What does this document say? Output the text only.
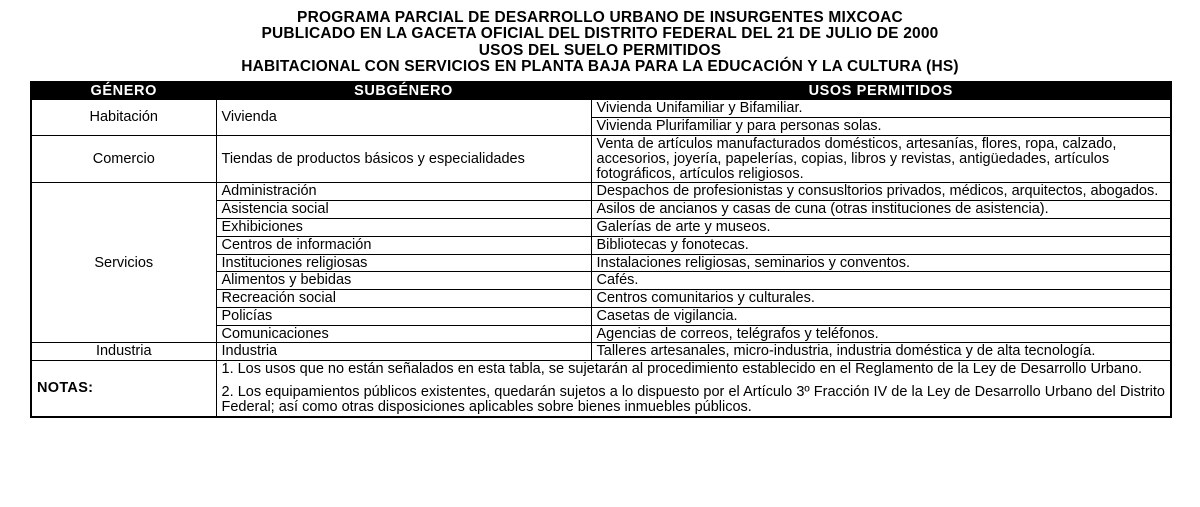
PROGRAMA PARCIAL DE DESARROLLO URBANO DE INSURGENTES MIXCOAC
PUBLICADO EN LA GACETA OFICIAL DEL DISTRITO FEDERAL DEL 21 DE JULIO DE 2000
USOS DEL SUELO PERMITIDOS
HABITACIONAL CON SERVICIOS EN PLANTA BAJA PARA LA EDUCACIÓN Y LA CULTURA (HS)
GÉNERO	SUBGÉNERO	USOS PERMITIDOS
Habitación	Vivienda	Vivienda Unifamiliar y Bifamiliar.
		Vivienda Plurifamiliar y para personas solas.
Comercio	Tiendas de productos básicos y especialidades	Venta de artículos manufacturados domésticos, artesanías, flores, ropa, calzado, accesorios, joyería, papelerías, copias, libros y revistas, antigüedades, artículos fotográficos, artículos religiosos.
Servicios	Administración	Despachos de profesionistas y consusltorios privados, médicos, arquitectos, abogados.
	Asistencia social	Asilos de ancianos y casas de cuna (otras instituciones de asistencia).
	Exhibiciones	Galerías de arte y museos.
	Centros de información	Bibliotecas y fonotecas.
	Instituciones religiosas	Instalaciones religiosas, seminarios y conventos.
	Alimentos y bebidas	Cafés.
	Recreación social	Centros comunitarios y culturales.
	Policías	Casetas de vigilancia.
	Comunicaciones	Agencias de correos, telégrafos y teléfonos.
Industria	Industria	Talleres artesanales, micro-industria, industria doméstica y de alta tecnología.
NOTAS:	1. Los usos que no están señalados en esta tabla, se sujetarán al procedimiento establecido en el Reglamento de la Ley de Desarrollo Urbano.

2. Los equipamientos públicos existentes, quedarán sujetos a lo dispuesto por el Artículo 3º Fracción IV de la Ley de Desarrollo Urbano del Distrito Federal; así como otras disposiciones aplicables sobre bienes inmuebles públicos.	
